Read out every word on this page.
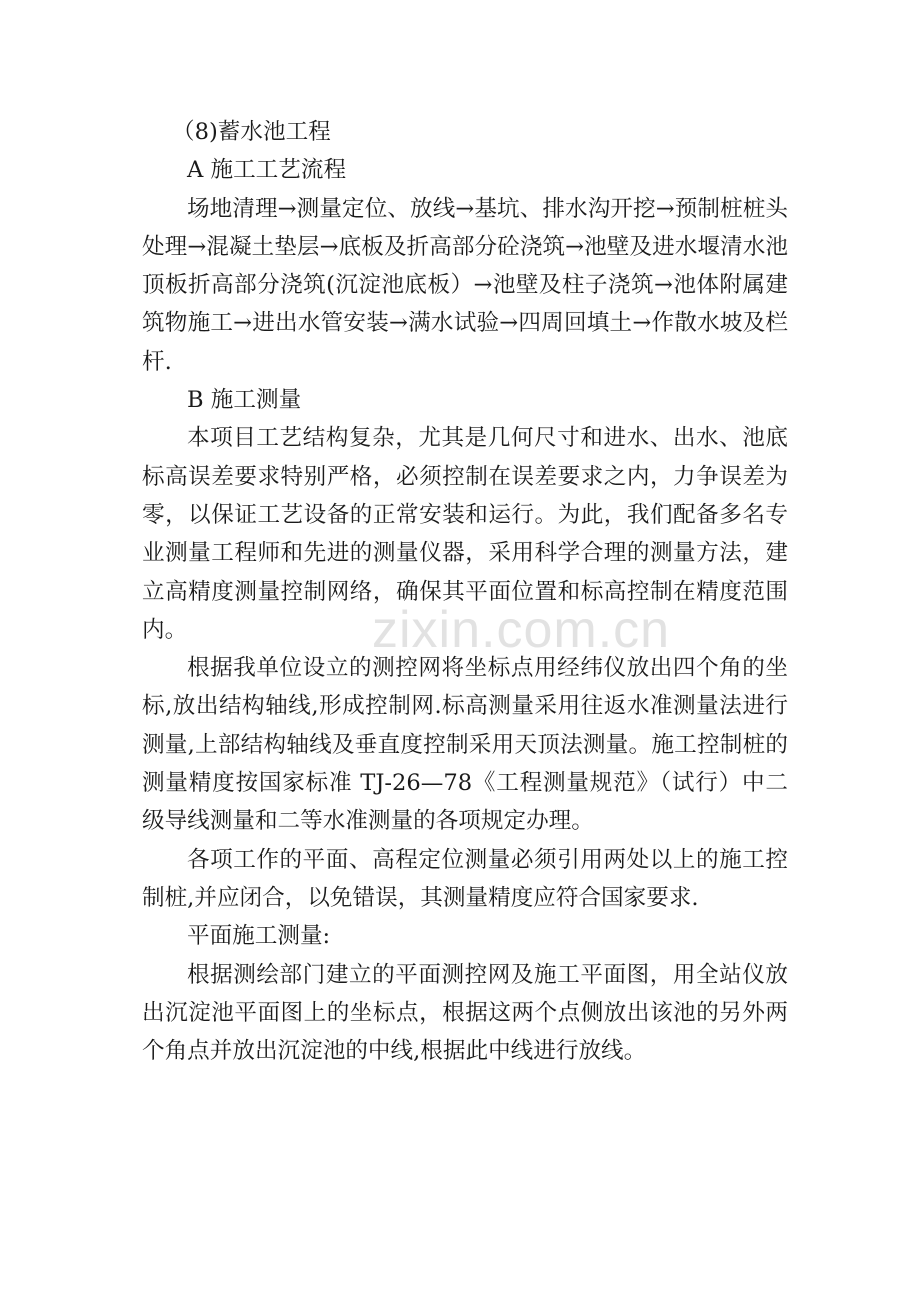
zixin.com.cn
（8)蓄水池工程
A 施工工艺流程
场地清理→测量定位、放线→基坑、排水沟开挖→预制桩桩头处理→混凝土垫层→底板及折高部分砼浇筑→池壁及进水堰清水池顶板折高部分浇筑(沉淀池底板）→池壁及柱子浇筑→池体附属建筑物施工→进出水管安装→满水试验→四周回填土→作散水坡及栏杆.
B 施工测量
本项目工艺结构复杂，尤其是几何尺寸和进水、出水、池底标高误差要求特别严格，必须控制在误差要求之内，力争误差为零，以保证工艺设备的正常安装和运行。为此，我们配备多名专业测量工程师和先进的测量仪器，采用科学合理的测量方法，建立高精度测量控制网络，确保其平面位置和标高控制在精度范围内。
根据我单位设立的测控网将坐标点用经纬仪放出四个角的坐标,放出结构轴线,形成控制网.标高测量采用往返水准测量法进行测量,上部结构轴线及垂直度控制采用天顶法测量。施工控制桩的测量精度按国家标准 TJ-26—78《工程测量规范》（试行）中二级导线测量和二等水准测量的各项规定办理。
各项工作的平面、高程定位测量必须引用两处以上的施工控制桩,并应闭合，以免错误，其测量精度应符合国家要求.
平面施工测量:
根据测绘部门建立的平面测控网及施工平面图，用全站仪放出沉淀池平面图上的坐标点，根据这两个点侧放出该池的另外两个角点并放出沉淀池的中线,根据此中线进行放线。
